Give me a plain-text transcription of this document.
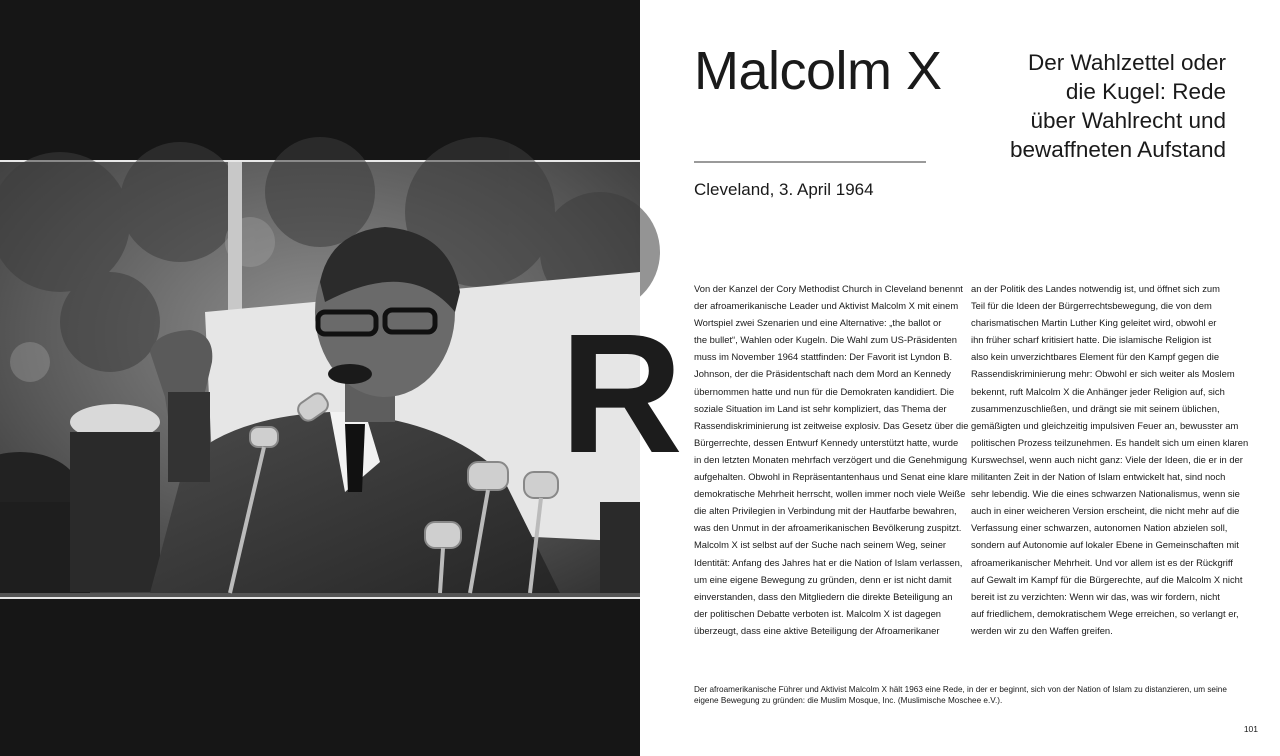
R
Malcolm X	Der Wahlzettel oder
die Kugel: Rede
über Wahlrecht und
bewaffneten Aufstand
Cleveland, 3. April 1964
Von der Kanzel der Cory Methodist Church in Cleveland benennt
der afroamerikanische Leader und Aktivist Malcolm X mit einem
Wortspiel zwei Szenarien und eine Alternative: „the ballot or
the bullet“, Wahlen oder Kugeln. Die Wahl zum US-Präsidenten
muss im November 1964 stattfinden: Der Favorit ist Lyndon B.
Johnson, der die Präsidentschaft nach dem Mord an Kennedy
übernommen hatte und nun für die Demokraten kandidiert. Die
soziale Situation im Land ist sehr kompliziert, das Thema der
Rassendiskriminierung ist zeitweise explosiv. Das Gesetz über die
Bürgerrechte, dessen Entwurf Kennedy unterstützt hatte, wurde
in den letzten Monaten mehrfach verzögert und die Genehmigung
aufgehalten. Obwohl in Repräsentantenhaus und Senat eine klare
demokratische Mehrheit herrscht, wollen immer noch viele Weiße
die alten Privilegien in Verbindung mit der Hautfarbe bewahren,
was den Unmut in der afroamerikanischen Bevölkerung zuspitzt.
Malcolm X ist selbst auf der Suche nach seinem Weg, seiner
Identität: Anfang des Jahres hat er die Nation of Islam verlassen,
um eine eigene Bewegung zu gründen, denn er ist nicht damit
einverstanden, dass den Mitgliedern die direkte Beteiligung an
der politischen Debatte verboten ist. Malcolm X ist dagegen
überzeugt, dass eine aktive Beteiligung der Afroamerikaner
an der Politik des Landes notwendig ist, und öffnet sich zum
Teil für die Ideen der Bürgerrechtsbewegung, die von dem
charismatischen Martin Luther King geleitet wird, obwohl er
ihn früher scharf kritisiert hatte. Die islamische Religion ist
also kein unverzichtbares Element für den Kampf gegen die
Rassendiskriminierung mehr: Obwohl er sich weiter als Moslem
bekennt, ruft Malcolm X die Anhänger jeder Religion auf, sich
zusammenzuschließen, und drängt sie mit seinem üblichen,
gemäßigten und gleichzeitig impulsiven Feuer an, bewusster am
politischen Prozess teilzunehmen. Es handelt sich um einen klaren
Kurswechsel, wenn auch nicht ganz: Viele der Ideen, die er in der
militanten Zeit in der Nation of Islam entwickelt hat, sind noch
sehr lebendig. Wie die eines schwarzen Nationalismus, wenn sie
auch in einer weicheren Version erscheint, die nicht mehr auf die
Verfassung einer schwarzen, autonomen Nation abzielen soll,
sondern auf Autonomie auf lokaler Ebene in Gemeinschaften mit
afroamerikanischer Mehrheit. Und vor allem ist es der Rückgriff
auf Gewalt im Kampf für die Bürgerechte, auf die Malcolm X nicht
bereit ist zu verzichten: Wenn wir das, was wir fordern, nicht
auf friedlichem, demokratischem Wege erreichen, so verlangt er,
werden wir zu den Waffen greifen.
Der afroamerikanische Führer und Aktivist Malcolm X hält 1963 eine Rede, in der er beginnt, sich von der Nation of Islam zu distanzieren, um seine
eigene Bewegung zu gründen: die Muslim Mosque, Inc. (Muslimische Moschee e.V.).
101
